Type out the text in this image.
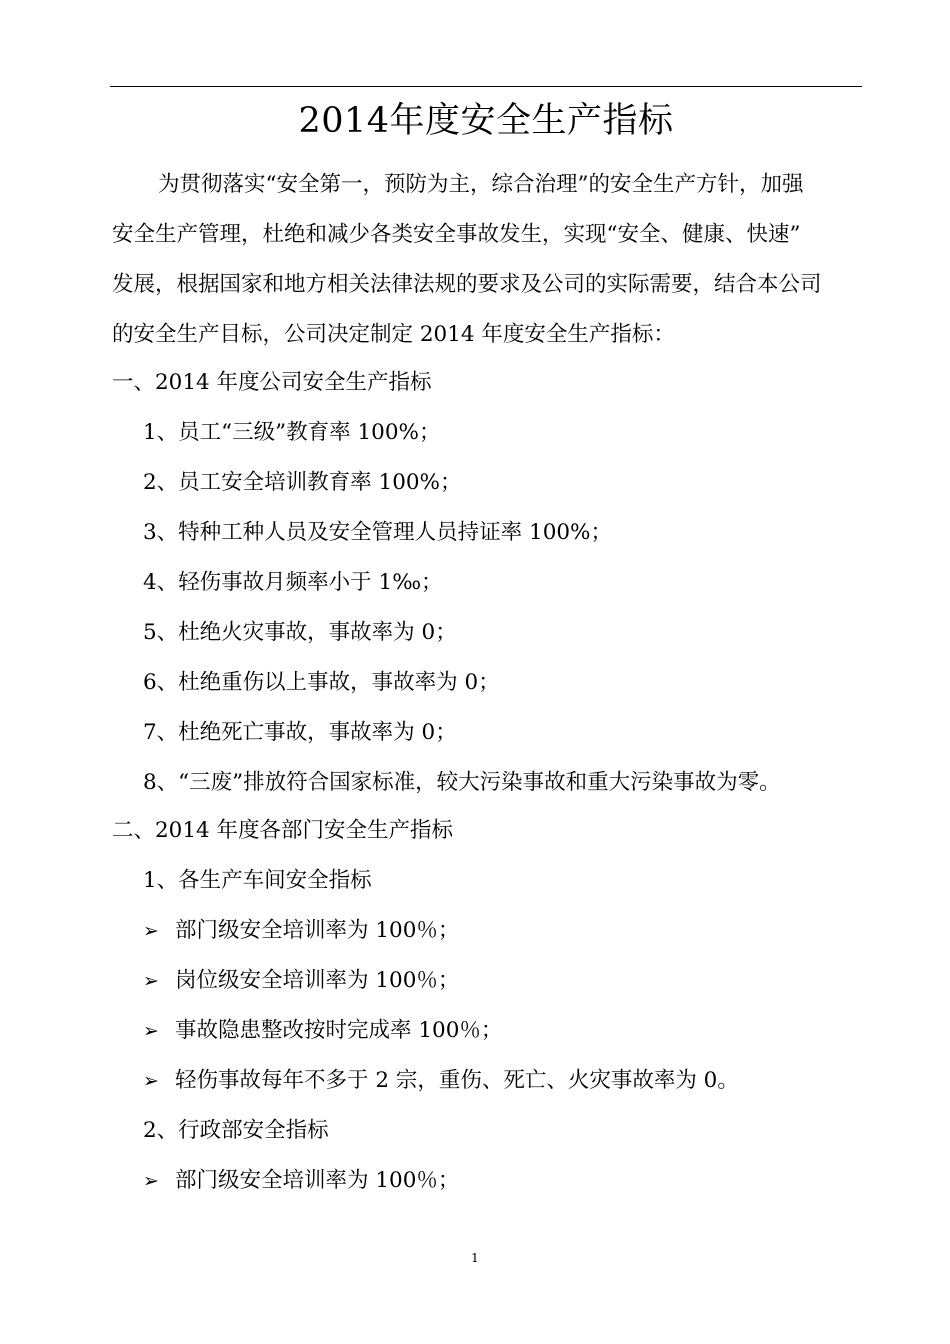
2014年度安全生产指标
为贯彻落实“安全第一，预防为主，综合治理”的安全生产方针，加强
安全生产管理，杜绝和减少各类安全事故发生，实现“安全、健康、快速”
发展，根据国家和地方相关法律法规的要求及公司的实际需要，结合本公司
的安全生产目标，公司决定制定 2014 年度安全生产指标：
一、2014 年度公司安全生产指标
1、员工“三级”教育率 100%；
2、员工安全培训教育率 100%；
3、特种工种人员及安全管理人员持证率 100%；
4、轻伤事故月频率小于 1‰；
5、杜绝火灾事故，事故率为 0；
6、杜绝重伤以上事故，事故率为 0；
7、杜绝死亡事故，事故率为 0；
8、“三废”排放符合国家标准，较大污染事故和重大污染事故为零。
二、2014 年度各部门安全生产指标
1、各生产车间安全指标
➢ 部门级安全培训率为 100％；
➢ 岗位级安全培训率为 100％；
➢ 事故隐患整改按时完成率 100％；
➢ 轻伤事故每年不多于 2 宗，重伤、死亡、火灾事故率为 0。
2、行政部安全指标
➢ 部门级安全培训率为 100％；
1
